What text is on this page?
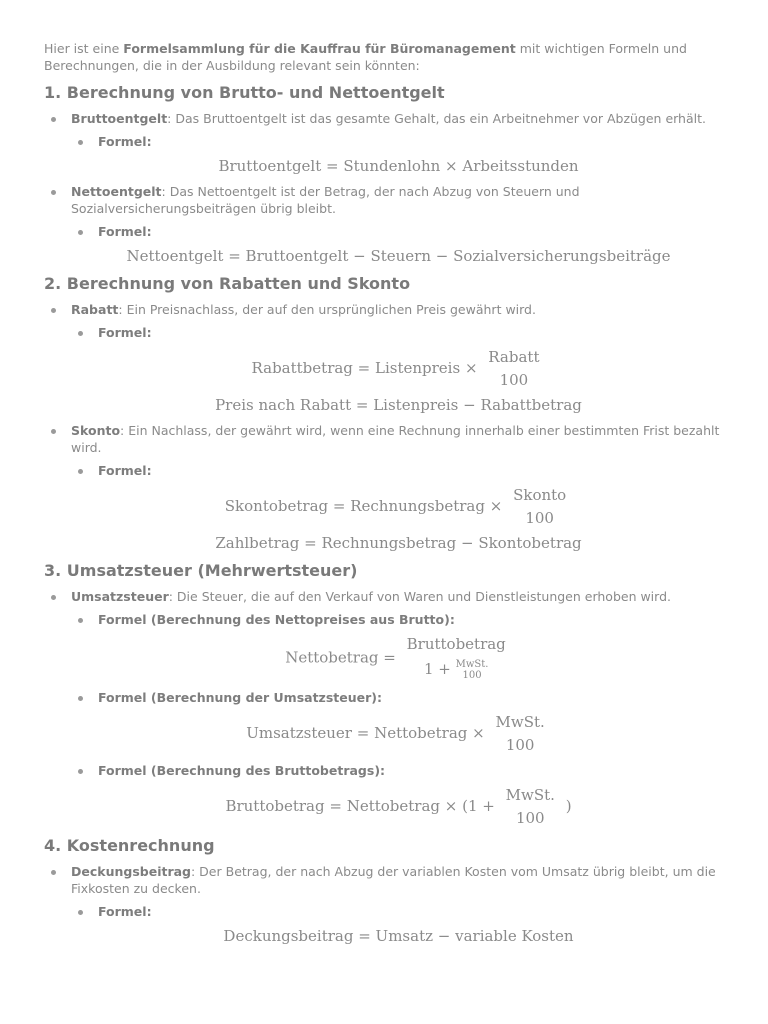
Hier ist eine Formelsammlung für die Kauffrau für Büromanagement mit wichtigen Formeln und Berechnungen, die in der Ausbildung relevant sein könnten:

1. Berechnung von Brutto- und Nettoentgelt
Bruttoentgelt: Das Bruttoentgelt ist das gesamte Gehalt, das ein Arbeitnehmer vor Abzügen erhält.
Formel:
Bruttoentgelt = Stundenlohn × Arbeitsstunden
Nettoentgelt: Das Nettoentgelt ist der Betrag, der nach Abzug von Steuern und Sozialversicherungsbeiträgen übrig bleibt.
Formel:
Nettoentgelt = Bruttoentgelt − Steuern − Sozialversicherungsbeiträge
2. Berechnung von Rabatten und Skonto
Rabatt: Ein Preisnachlass, der auf den ursprünglichen Preis gewährt wird.
Formel:
Rabattbetrag = Listenpreis ×
Rabatt
100
Preis nach Rabatt = Listenpreis − Rabattbetrag
Skonto: Ein Nachlass, der gewährt wird, wenn eine Rechnung innerhalb einer bestimmten Frist bezahlt wird.
Formel:
Skontobetrag = Rechnungsbetrag ×
Skonto
100
Zahlbetrag = Rechnungsbetrag − Skontobetrag
3. Umsatzsteuer (Mehrwertsteuer)
Umsatzsteuer: Die Steuer, die auf den Verkauf von Waren und Dienstleistungen erhoben wird.
Formel (Berechnung des Nettopreises aus Brutto):
Nettobetrag =
Bruttobetrag
1 + MwSt.
100
Formel (Berechnung der Umsatzsteuer):
Umsatzsteuer = Nettobetrag ×
MwSt.
100
Formel (Berechnung des Bruttobetrags):
Bruttobetrag = Nettobetrag × (1 +
MwSt.
100
)
4. Kostenrechnung
Deckungsbeitrag: Der Betrag, der nach Abzug der variablen Kosten vom Umsatz übrig bleibt, um die Fixkosten zu decken.
Formel:
Deckungsbeitrag = Umsatz − variable Kosten
